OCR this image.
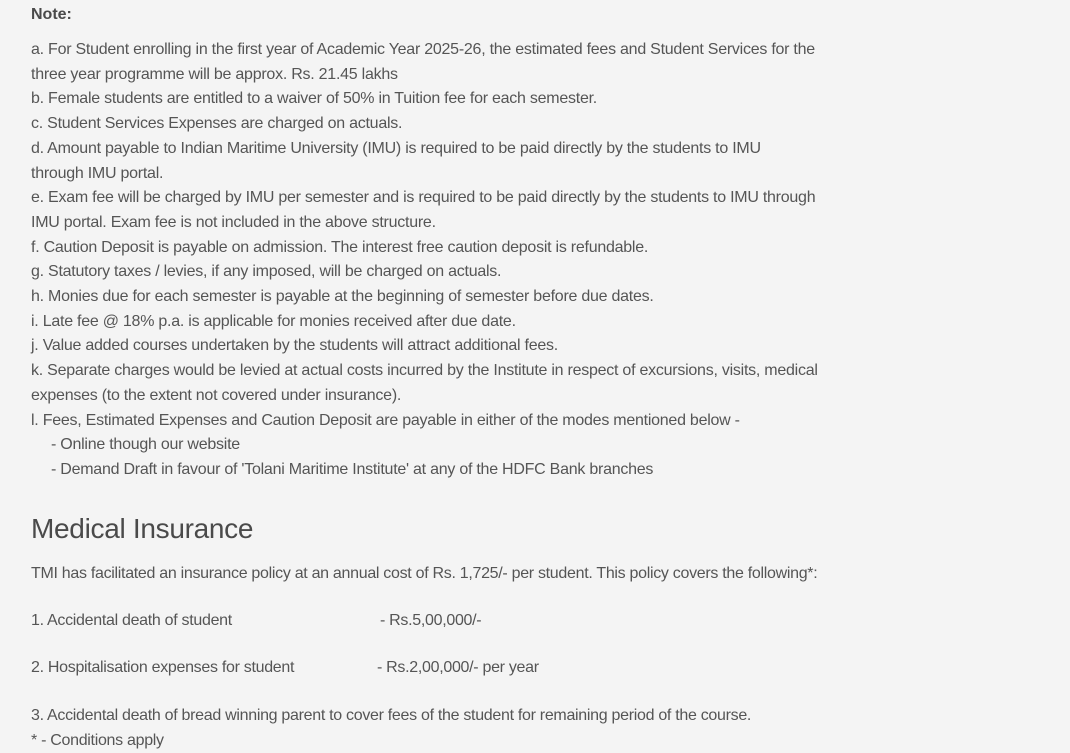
Note:
a. For Student enrolling in the first year of Academic Year 2025-26, the estimated fees and Student Services for the
three year programme will be approx. Rs. 21.45 lakhs
b. Female students are entitled to a waiver of 50% in Tuition fee for each semester.
c. Student Services Expenses are charged on actuals.
d. Amount payable to Indian Maritime University (IMU) is required to be paid directly by the students to IMU
through IMU portal.
e. Exam fee will be charged by IMU per semester and is required to be paid directly by the students to IMU through
IMU portal. Exam fee is not included in the above structure.
f. Caution Deposit is payable on admission. The interest free caution deposit is refundable.
g. Statutory taxes / levies, if any imposed, will be charged on actuals.
h. Monies due for each semester is payable at the beginning of semester before due dates.
i. Late fee @ 18% p.a. is applicable for monies received after due date.
j. Value added courses undertaken by the students will attract additional fees.
k. Separate charges would be levied at actual costs incurred by the Institute in respect of excursions, visits, medical
expenses (to the extent not covered under insurance).
l. Fees, Estimated Expenses and Caution Deposit are payable in either of the modes mentioned below -
- Online though our website
- Demand Draft in favour of 'Tolani Maritime Institute' at any of the HDFC Bank branches
Medical Insurance
TMI has facilitated an insurance policy at an annual cost of Rs. 1,725/- per student. This policy covers the following*:
1. Accidental death of student	- Rs.5,00,000/-
2. Hospitalisation expenses for student	- Rs.2,00,000/- per year
3. Accidental death of bread winning parent to cover fees of the student for remaining period of the course.
* - Conditions apply
